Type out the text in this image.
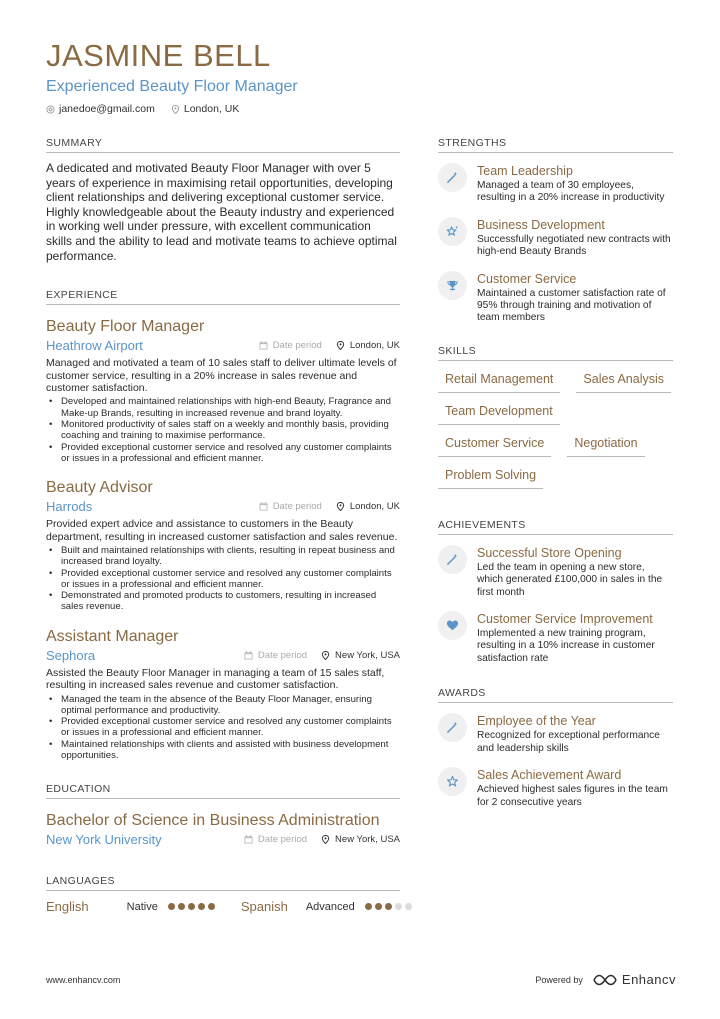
JASMINE BELL
Experienced Beauty Floor Manager
janedoe@gmail.com	London, UK
SUMMARY
A dedicated and motivated Beauty Floor Manager with over 5 years of experience in maximising retail opportunities, developing client relationships and delivering exceptional customer service. Highly knowledgeable about the Beauty industry and experienced in working well under pressure, with excellent communication skills and the ability to lead and motivate teams to achieve optimal performance.
EXPERIENCE
Beauty Floor Manager
Heathrow Airport	Date period	London, UK
Managed and motivated a team of 10 sales staff to deliver ultimate levels of customer service, resulting in a 20% increase in sales revenue and customer satisfaction.
• Developed and maintained relationships with high-end Beauty, Fragrance and Make-up Brands, resulting in increased revenue and brand loyalty.
• Monitored productivity of sales staff on a weekly and monthly basis, providing coaching and training to maximise performance.
• Provided exceptional customer service and resolved any customer complaints or issues in a professional and efficient manner.
Beauty Advisor
Harrods	Date period	London, UK
Provided expert advice and assistance to customers in the Beauty department, resulting in increased customer satisfaction and sales revenue.
• Built and maintained relationships with clients, resulting in repeat business and increased brand loyalty.
• Provided exceptional customer service and resolved any customer complaints or issues in a professional and efficient manner.
• Demonstrated and promoted products to customers, resulting in increased sales revenue.
Assistant Manager
Sephora	Date period	New York, USA
Assisted the Beauty Floor Manager in managing a team of 15 sales staff, resulting in increased sales revenue and customer satisfaction.
• Managed the team in the absence of the Beauty Floor Manager, ensuring optimal performance and productivity.
• Provided exceptional customer service and resolved any customer complaints or issues in a professional and efficient manner.
• Maintained relationships with clients and assisted with business development opportunities.
EDUCATION
Bachelor of Science in Business Administration
New York University	Date period	New York, USA
LANGUAGES
English	Native	Spanish Advanced
STRENGTHS
Team Leadership
Managed a team of 30 employees, resulting in a 20% increase in productivity
Business Development
Successfully negotiated new contracts with high-end Beauty Brands
Customer Service
Maintained a customer satisfaction rate of 95% through training and motivation of team members
SKILLS
Retail Management	Sales Analysis
Team Development
Customer Service	Negotiation
Problem Solving
ACHIEVEMENTS
Successful Store Opening
Led the team in opening a new store, which generated £100,000 in sales in the first month
Customer Service Improvement
Implemented a new training program, resulting in a 10% increase in customer satisfaction rate
AWARDS
Employee of the Year
Recognized for exceptional performance and leadership skills
Sales Achievement Award
Achieved highest sales figures in the team for 2 consecutive years
www.enhancv.com	Powered by	Enhancv
